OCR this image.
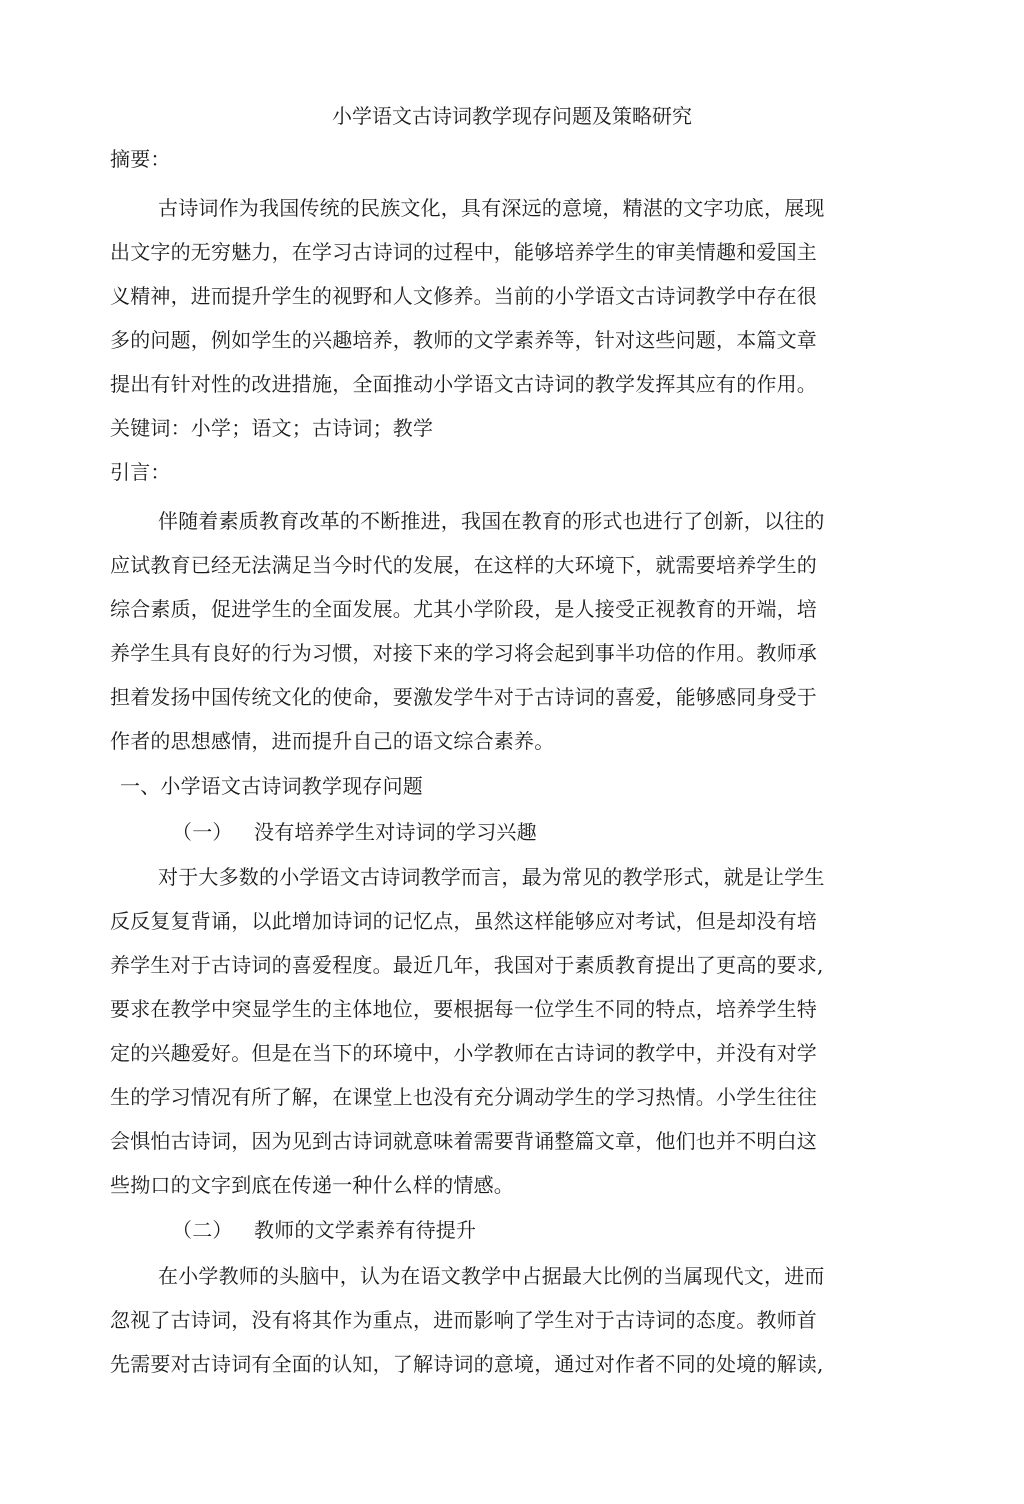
小学语文古诗词教学现存问题及策略研究
摘要：
古诗词作为我国传统的民族文化，具有深远的意境，精湛的文字功底，展现
出文字的无穷魅力，在学习古诗词的过程中，能够培养学生的审美情趣和爱国主
义精神，进而提升学生的视野和人文修养。当前的小学语文古诗词教学中存在很
多的问题，例如学生的兴趣培养，教师的文学素养等，针对这些问题，本篇文章
提出有针对性的改进措施，全面推动小学语文古诗词的教学发挥其应有的作用。
关键词：小学；语文；古诗词；教学
引言：
伴随着素质教育改革的不断推进，我国在教育的形式也进行了创新，以往的
应试教育已经无法满足当今时代的发展，在这样的大环境下，就需要培养学生的
综合素质，促进学生的全面发展。尤其小学阶段，是人接受正视教育的开端，培
养学生具有良好的行为习惯，对接下来的学习将会起到事半功倍的作用。教师承
担着发扬中国传统文化的使命，要激发学牛对于古诗词的喜爱，能够感同身受于
作者的思想感情，进而提升自己的语文综合素养。
一、小学语文古诗词教学现存问题
（一） 没有培养学生对诗词的学习兴趣
对于大多数的小学语文古诗词教学而言，最为常见的教学形式，就是让学生
反反复复背诵，以此增加诗词的记忆点，虽然这样能够应对考试，但是却没有培
养学生对于古诗词的喜爱程度。最近几年，我国对于素质教育提出了更高的要求,
要求在教学中突显学生的主体地位，要根据每一位学生不同的特点，培养学生特
定的兴趣爱好。但是在当下的环境中，小学教师在古诗词的教学中，并没有对学
生的学习情况有所了解，在课堂上也没有充分调动学生的学习热情。小学生往往
会惧怕古诗词，因为见到古诗词就意味着需要背诵整篇文章，他们也并不明白这
些拗口的文字到底在传递一种什么样的情感。
（二） 教师的文学素养有待提升
在小学教师的头脑中，认为在语文教学中占据最大比例的当属现代文，进而
忽视了古诗词，没有将其作为重点，进而影响了学生对于古诗词的态度。教师首
先需要对古诗词有全面的认知，了解诗词的意境，通过对作者不同的处境的解读,
